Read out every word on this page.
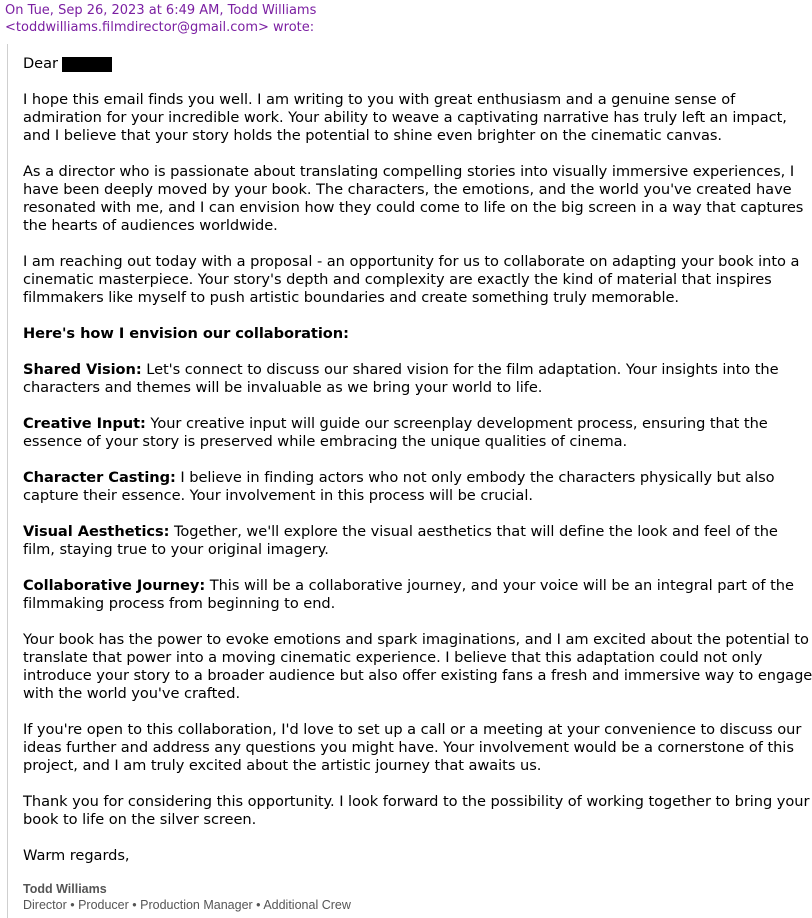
On Tue, Sep 26, 2023 at 6:49 AM, Todd Williams
<toddwilliams.filmdirector@gmail.com> wrote:
Dear

I hope this email finds you well. I am writing to you with great enthusiasm and a genuine sense of admiration for your incredible work. Your ability to weave a captivating narrative has truly left an impact, and I believe that your story holds the potential to shine even brighter on the cinematic canvas.

As a director who is passionate about translating compelling stories into visually immersive experiences, I have been deeply moved by your book. The characters, the emotions, and the world you've created have resonated with me, and I can envision how they could come to life on the big screen in a way that captures the hearts of audiences worldwide.

I am reaching out today with a proposal - an opportunity for us to collaborate on adapting your book into a cinematic masterpiece. Your story's depth and complexity are exactly the kind of material that inspires filmmakers like myself to push artistic boundaries and create something truly memorable.

Here's how I envision our collaboration:

Shared Vision: Let's connect to discuss our shared vision for the film adaptation. Your insights into the characters and themes will be invaluable as we bring your world to life.

Creative Input: Your creative input will guide our screenplay development process, ensuring that the essence of your story is preserved while embracing the unique qualities of cinema.

Character Casting: I believe in finding actors who not only embody the characters physically but also capture their essence. Your involvement in this process will be crucial.

Visual Aesthetics: Together, we'll explore the visual aesthetics that will define the look and feel of the film, staying true to your original imagery.

Collaborative Journey: This will be a collaborative journey, and your voice will be an integral part of the filmmaking process from beginning to end.

Your book has the power to evoke emotions and spark imaginations, and I am excited about the potential to translate that power into a moving cinematic experience. I believe that this adaptation could not only introduce your story to a broader audience but also offer existing fans a fresh and immersive way to engage with the world you've crafted.

If you're open to this collaboration, I'd love to set up a call or a meeting at your convenience to discuss our ideas further and address any questions you might have. Your involvement would be a cornerstone of this project, and I am truly excited about the artistic journey that awaits us.

Thank you for considering this opportunity. I look forward to the possibility of working together to bring your book to life on the silver screen.

Warm regards,

Todd Williams
Director • Producer • Production Manager • Additional Crew
